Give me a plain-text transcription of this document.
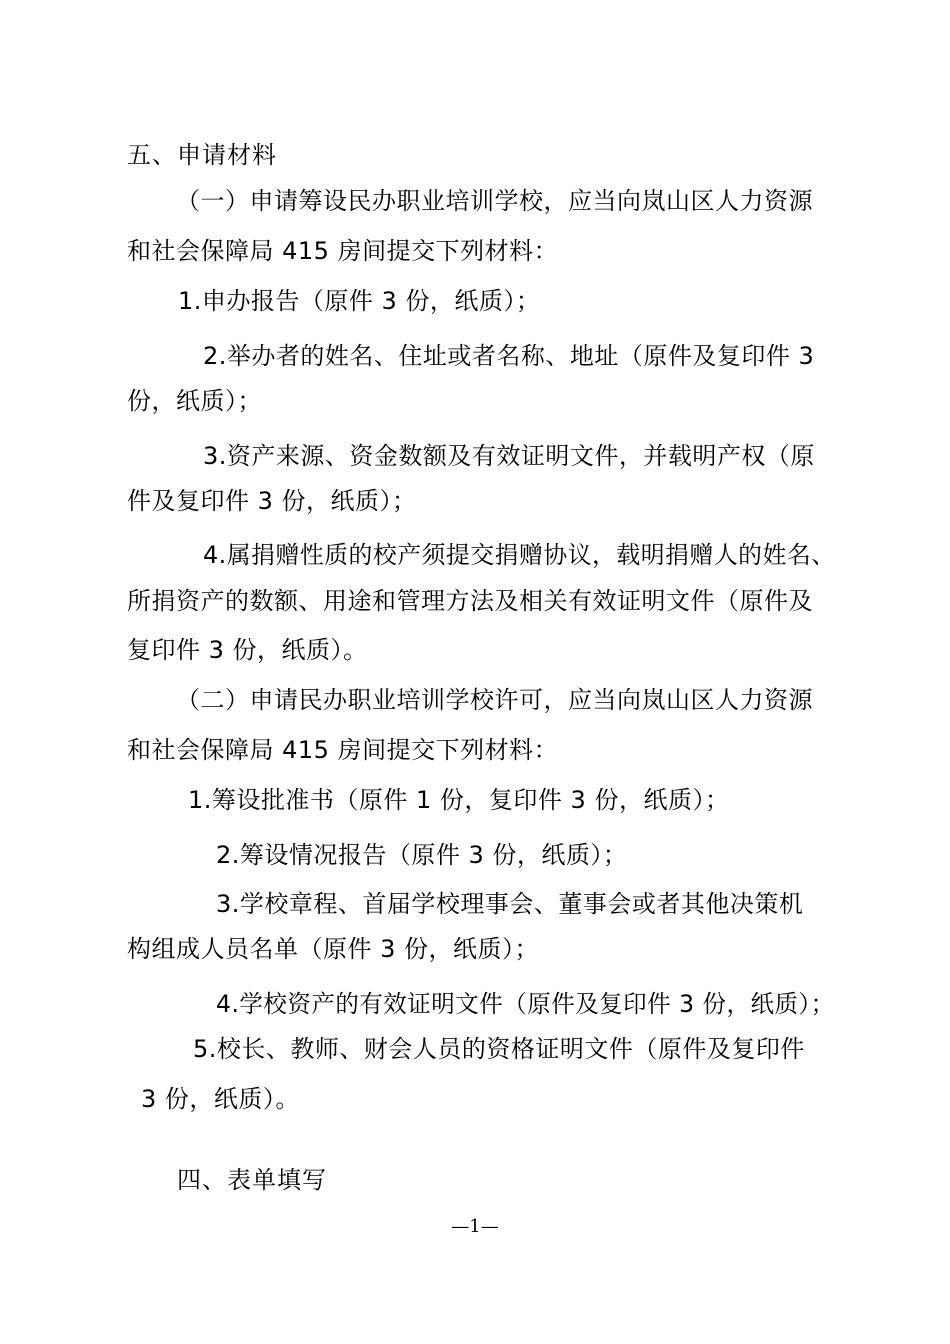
五、申请材料
（一）申请筹设民办职业培训学校，应当向岚山区人力资源
和社会保障局 415 房间提交下列材料：
1.申办报告（原件 3 份，纸质）；
2.举办者的姓名、住址或者名称、地址（原件及复印件 3
份，纸质）；
3.资产来源、资金数额及有效证明文件，并载明产权（原
件及复印件 3 份，纸质）；
4.属捐赠性质的校产须提交捐赠协议，载明捐赠人的姓名、
所捐资产的数额、用途和管理方法及相关有效证明文件（原件及
复印件 3 份，纸质）。
（二）申请民办职业培训学校许可，应当向岚山区人力资源
和社会保障局 415 房间提交下列材料：
1.筹设批准书（原件 1 份，复印件 3 份，纸质）；
2.筹设情况报告（原件 3 份，纸质）；
3.学校章程、首届学校理事会、董事会或者其他决策机
构组成人员名单（原件 3 份，纸质）；
4.学校资产的有效证明文件（原件及复印件 3 份，纸质）；
5.校长、教师、财会人员的资格证明文件（原件及复印件
3 份，纸质）。
四、表单填写
—1—
